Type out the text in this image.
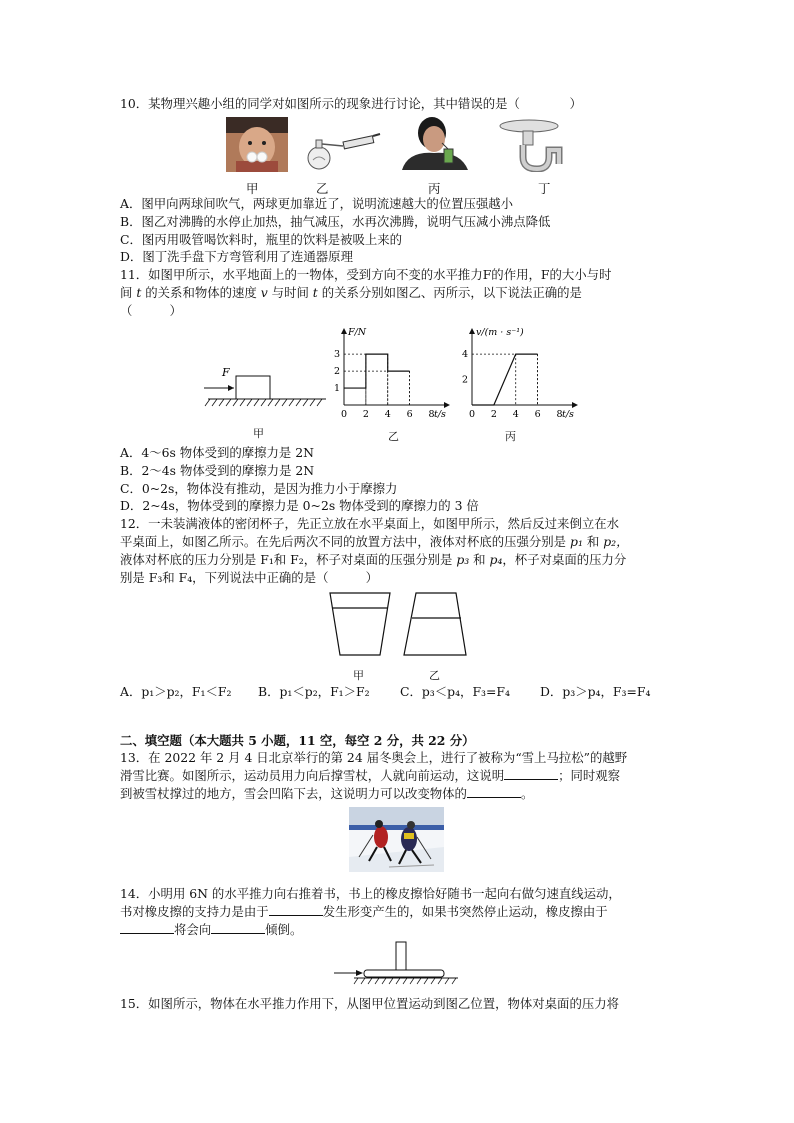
10．某物理兴趣小组的同学对如图所示的现象进行讨论，其中错误的是（　　　　）
甲	乙	丙	丁
A．图甲向两球间吹气，两球更加靠近了，说明流速越大的位置压强越小
B．图乙对沸腾的水停止加热，抽气减压，水再次沸腾，说明气压减小沸点降低
C．图丙用吸管喝饮料时，瓶里的饮料是被吸上来的
D．图丁洗手盘下方弯管利用了连通器原理
11．如图甲所示，水平地面上的一物体，受到方向不变的水平推力F的作用，F的大小与时
间 t 的关系和物体的速度 v 与时间 t 的关系分别如图乙、丙所示，以下说法正确的是
（　　　）
F
甲
F/N
t/s
0 2 4 6 8
1
2
3
乙
v/(m · s⁻¹)
t/s
0 2 4 6 8
2
4
丙
A．4～6s 物体受到的摩擦力是 2N
B．2～4s 物体受到的摩擦力是 2N
C．0~2s，物体没有推动，是因为推力小于摩擦力
D．2~4s，物体受到的摩擦力是 0~2s 物体受到的摩擦力的 3 倍
12．一未装满液体的密闭杯子，先正立放在水平桌面上，如图甲所示，然后反过来倒立在水
平桌面上，如图乙所示。在先后两次不同的放置方法中，液体对杯底的压强分别是 p₁ 和 p₂，
液体对杯底的压力分别是 F₁和 F₂，杯子对桌面的压强分别是 p₃ 和 p₄，杯子对桌面的压力分
别是 F₃和 F₄，下列说法中正确的是（　　　）
甲	乙
A．p₁＞p₂，F₁＜F₂ B．p₁＜p₂，F₁＞F₂ C．p₃＜p₄，F₃=F₄ D．p₃＞p₄，F₃=F₄
二、填空题（本大题共 5 小题，11 空，每空 2 分，共 22 分）
13．在 2022 年 2 月 4 日北京举行的第 24 届冬奥会上，进行了被称为“雪上马拉松”的越野
滑雪比赛。如图所示，运动员用力向后撑雪杖，人就向前运动，这说明	；同时观察
到被雪杖撑过的地方，雪会凹陷下去，这说明力可以改变物体的	。
14．小明用 6N 的水平推力向右推着书，书上的橡皮擦恰好随书一起向右做匀速直线运动，
书对橡皮擦的支持力是由于	发生形变产生的，如果书突然停止运动，橡皮擦由于
将会向	倾倒。
15．如图所示，物体在水平推力作用下，从图甲位置运动到图乙位置，物体对桌面的压力将
